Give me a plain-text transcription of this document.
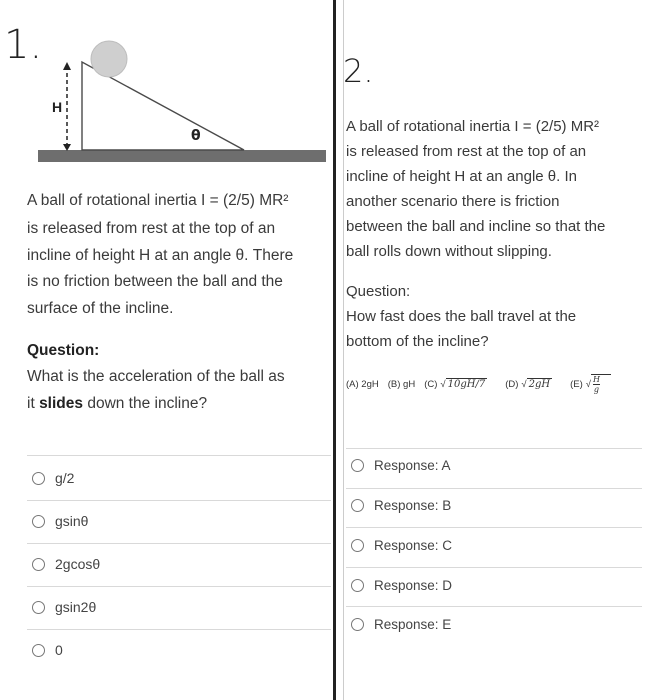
1.
H
θ
A ball of rotational inertia I = (2/5) MR²
is released from rest at the top of an
incline of height H at an angle θ. There
is no friction between the ball and the
surface of the incline.
Question:
What is the acceleration of the ball as
it slides down the incline?
g/2
gsinθ
2gcosθ
gsin2θ
0
2.
A ball of rotational inertia I = (2/5) MR²
is released from rest at the top of an
incline of height H at an angle θ. In
another scenario there is friction
between the ball and incline so that the
ball rolls down without slipping.
Question:
How fast does the ball travel at the
bottom of the incline?
(A) 2gH (B) gH (C) √ 10gH/7	(D) √ 2gH	(E) √ H
g
Response: A
Response: B
Response: C
Response: D
Response: E
